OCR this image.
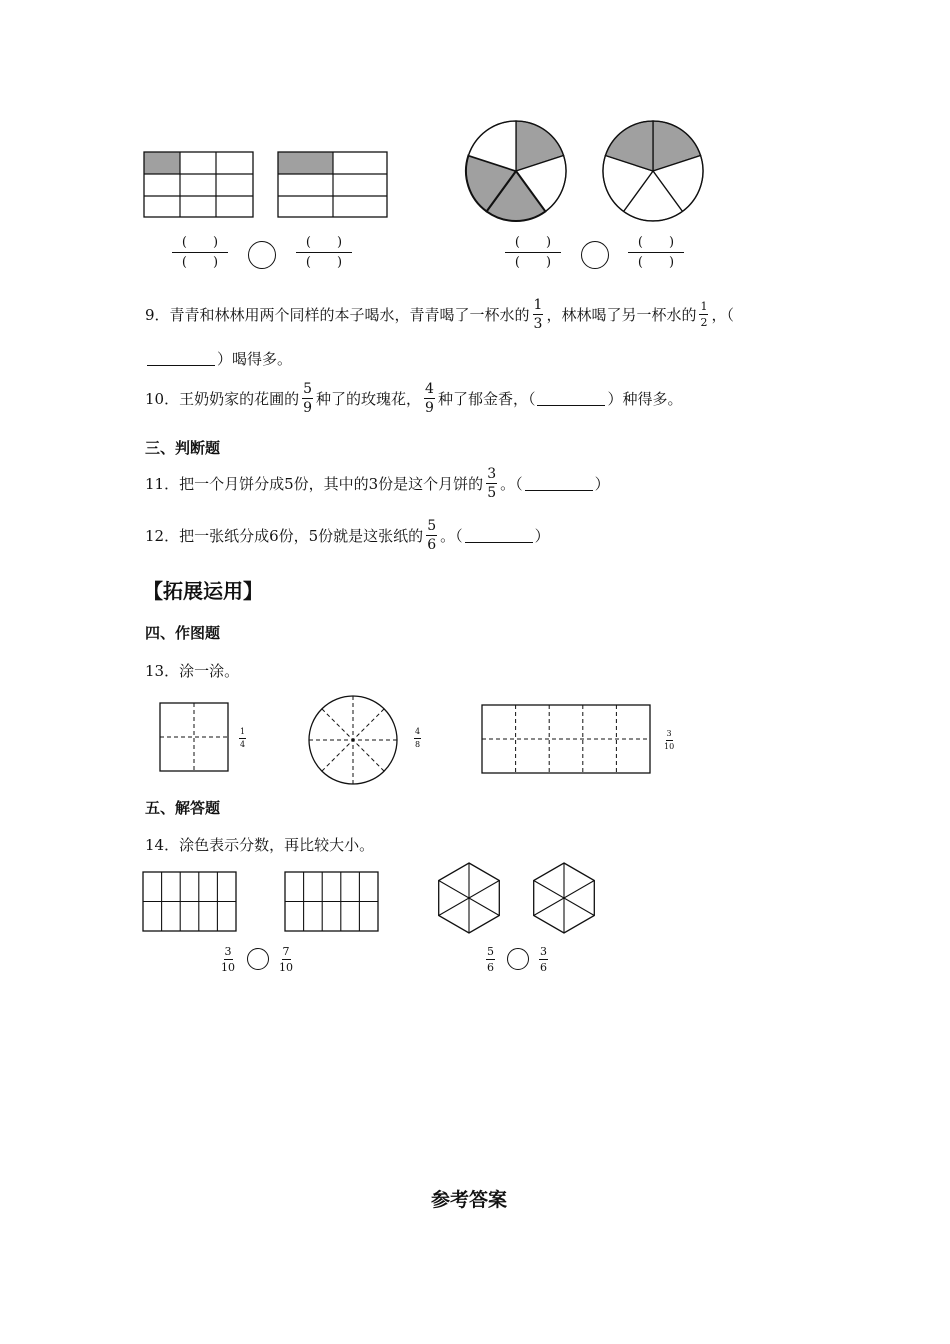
(　　)
(　　)
(　　)
(　　)
(　　)
(　　)
(　　)
(　　)
9．青青和林林用两个同样的本子喝水，青青喝了一杯水的 $\frac{1}{3}$ ，林林喝了另一杯水的 $\frac{1}{2}$ ，（
）喝得多。
10．王奶奶家的花圃的 $\frac{5}{9}$ 种了的玫瑰花， $\frac{4}{9}$ 种了郁金香，（	）种得多。
三、判断题
11．把一个月饼分成5份，其中的3份是这个月饼的 $\frac{3}{5}$ 。（	）
12．把一张纸分成6份，5份就是这张纸的 $\frac{5}{6}$ 。（	）
【拓展运用】
四、作图题
13．涂一涂。
$\frac{1}{4}$	$\frac{4}{8}$	$\frac{3}{10}$
五、解答题
14．涂色表示分数，再比较大小。
$\frac{3}{10}$	$\frac{7}{10}$	$\frac{5}{6}$	$\frac{3}{6}$
参考答案
